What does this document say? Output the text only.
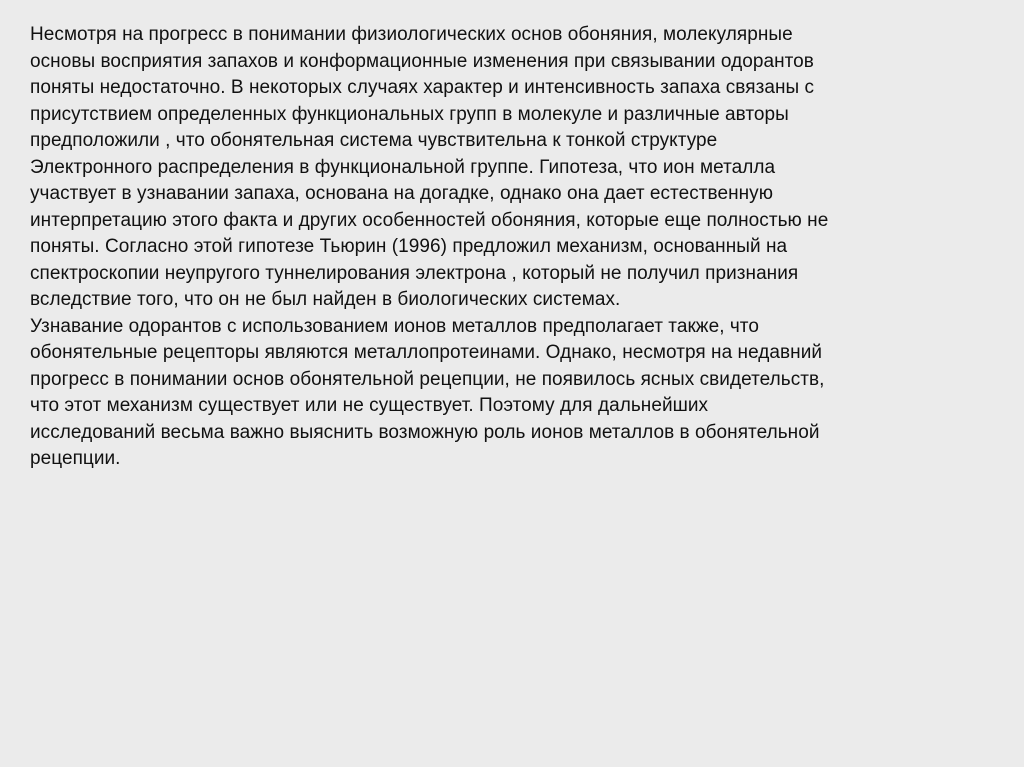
Несмотря на прогресс в понимании физиологических основ обоняния, молекулярные
основы восприятия запахов и конформационные изменения при связывании одорантов
поняты недостаточно. В некоторых случаях характер и интенсивность запаха связаны с
присутствием определенных функциональных групп в молекуле и различные авторы
предположили , что обонятельная система чувствительна к тонкой структуре
Электронного распределения в функциональной группе. Гипотеза, что ион металла
участвует в узнавании запаха, основана на догадке, однако она дает естественную
интерпретацию этого факта и других особенностей обоняния, которые еще полностью не
поняты. Согласно этой гипотезе Тьюрин (1996) предложил механизм, основанный на
спектроскопии неупругого туннелирования электрона , который не получил признания
вследствие того, что он не был найден в биологических системах.

Узнавание одорантов с использованием ионов металлов предполагает также, что
обонятельные рецепторы являются металлопротеинами. Однако, несмотря на недавний
прогресс в понимании основ обонятельной рецепции, не появилось ясных свидетельств,
что этот механизм существует или не существует. Поэтому для дальнейших
исследований весьма важно выяснить возможную роль ионов металлов в обонятельной
рецепции.
